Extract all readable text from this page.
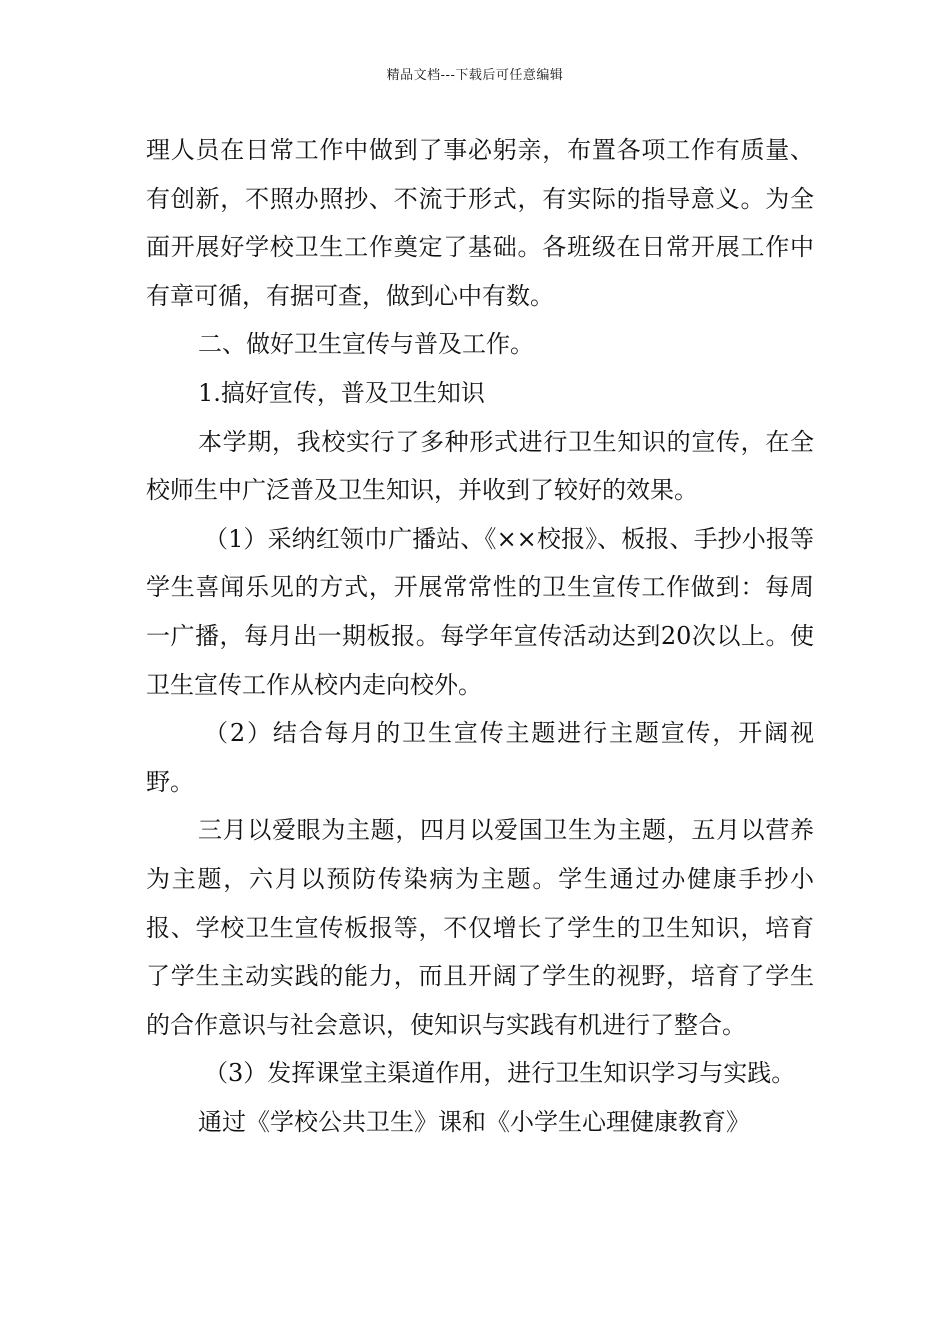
精品文档---下载后可任意编辑

理人员在日常工作中做到了事必躬亲，布置各项工作有质量、有创新，不照办照抄、不流于形式，有实际的指导意义。为全面开展好学校卫生工作奠定了基础。各班级在日常开展工作中有章可循，有据可查，做到心中有数。

二、做好卫生宣传与普及工作。

1.搞好宣传，普及卫生知识

本学期，我校实行了多种形式进行卫生知识的宣传，在全校师生中广泛普及卫生知识，并收到了较好的效果。

（1）采纳红领巾广播站、《××校报》、板报、手抄小报等学生喜闻乐见的方式，开展常常性的卫生宣传工作做到：每周一广播，每月出一期板报。每学年宣传活动达到20次以上。使卫生宣传工作从校内走向校外。

（2）结合每月的卫生宣传主题进行主题宣传，开阔视野。

三月以爱眼为主题，四月以爱国卫生为主题，五月以营养为主题，六月以预防传染病为主题。学生通过办健康手抄小报、学校卫生宣传板报等，不仅增长了学生的卫生知识，培育了学生主动实践的能力，而且开阔了学生的视野，培育了学生的合作意识与社会意识，使知识与实践有机进行了整合。

（3）发挥课堂主渠道作用，进行卫生知识学习与实践。

通过《学校公共卫生》课和《小学生心理健康教育》
